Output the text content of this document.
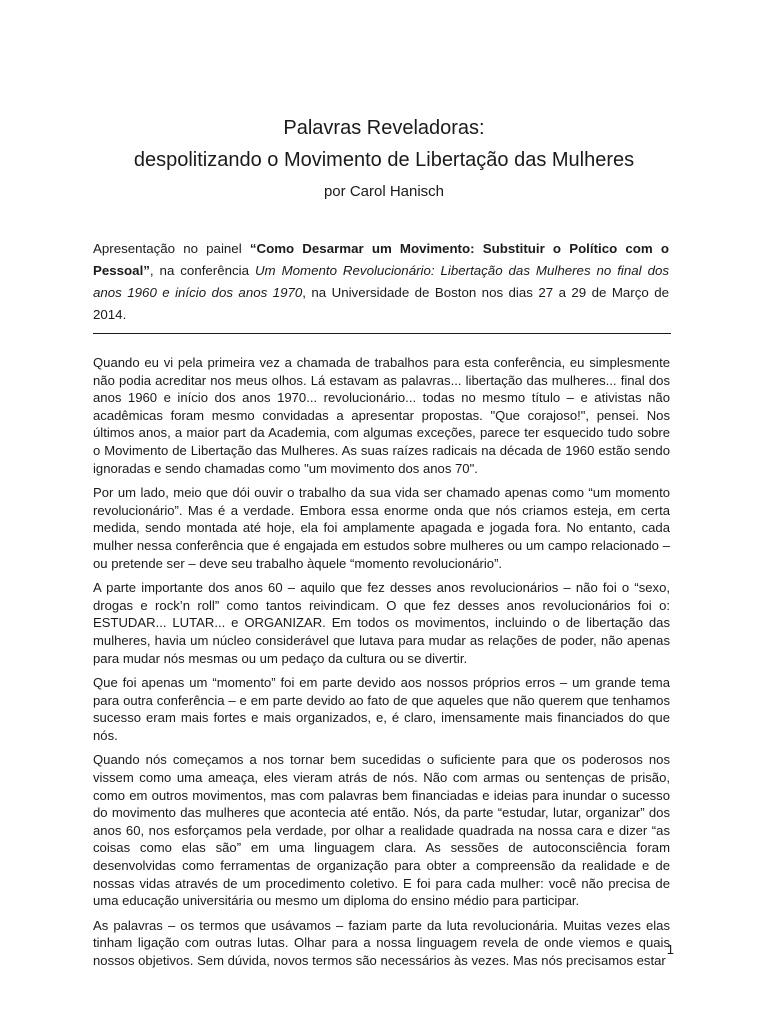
Palavras Reveladoras:
despolitizando o Movimento de Libertação das Mulheres
por Carol Hanisch
Apresentação no painel “Como Desarmar um Movimento: Substituir o Político com o Pessoal”, na conferência Um Momento Revolucionário: Libertação das Mulheres no final dos anos 1960 e início dos anos 1970, na Universidade de Boston nos dias 27 a 29 de Março de 2014.

Quando eu vi pela primeira vez a chamada de trabalhos para esta conferência, eu simplesmente não podia acreditar nos meus olhos. Lá estavam as palavras... libertação das mulheres... final dos anos 1960 e início dos anos 1970... revolucionário... todas no mesmo título – e ativistas não acadêmicas foram mesmo convidadas a apresentar propostas. "Que corajoso!", pensei. Nos últimos anos, a maior part da Academia, com algumas exceções, parece ter esquecido tudo sobre o Movimento de Libertação das Mulheres. As suas raízes radicais na década de 1960 estão sendo ignoradas e sendo chamadas como "um movimento dos anos 70".

Por um lado, meio que dói ouvir o trabalho da sua vida ser chamado apenas como “um momento revolucionário”. Mas é a verdade. Embora essa enorme onda que nós criamos esteja, em certa medida, sendo montada até hoje, ela foi amplamente apagada e jogada fora. No entanto, cada mulher nessa conferência que é engajada em estudos sobre mulheres ou um campo relacionado – ou pretende ser – deve seu trabalho àquele “momento revolucionário”.

A parte importante dos anos 60 – aquilo que fez desses anos revolucionários – não foi o “sexo, drogas e rock’n roll” como tantos reivindicam. O que fez desses anos revolucionários foi o: ESTUDAR... LUTAR... e ORGANIZAR. Em todos os movimentos, incluindo o de libertação das mulheres, havia um núcleo considerável que lutava para mudar as relações de poder, não apenas para mudar nós mesmas ou um pedaço da cultura ou se divertir.

Que foi apenas um “momento” foi em parte devido aos nossos próprios erros – um grande tema para outra conferência – e em parte devido ao fato de que aqueles que não querem que tenhamos sucesso eram mais fortes e mais organizados, e, é claro, imensamente mais financiados do que nós.

Quando nós começamos a nos tornar bem sucedidas o suficiente para que os poderosos nos vissem como uma ameaça, eles vieram atrás de nós. Não com armas ou sentenças de prisão, como em outros movimentos, mas com palavras bem financiadas e ideias para inundar o sucesso do movimento das mulheres que acontecia até então. Nós, da parte “estudar, lutar, organizar” dos anos 60, nos esforçamos pela verdade, por olhar a realidade quadrada na nossa cara e dizer “as coisas como elas são” em uma linguagem clara. As sessões de autoconsciência foram desenvolvidas como ferramentas de organização para obter a compreensão da realidade e de nossas vidas através de um procedimento coletivo. E foi para cada mulher: você não precisa de uma educação universitária ou mesmo um diploma do ensino médio para participar.

As palavras – os termos que usávamos – faziam parte da luta revolucionária. Muitas vezes elas tinham ligação com outras lutas. Olhar para a nossa linguagem revela de onde viemos e quais nossos objetivos. Sem dúvida, novos termos são necessários às vezes. Mas nós precisamos estar

1
